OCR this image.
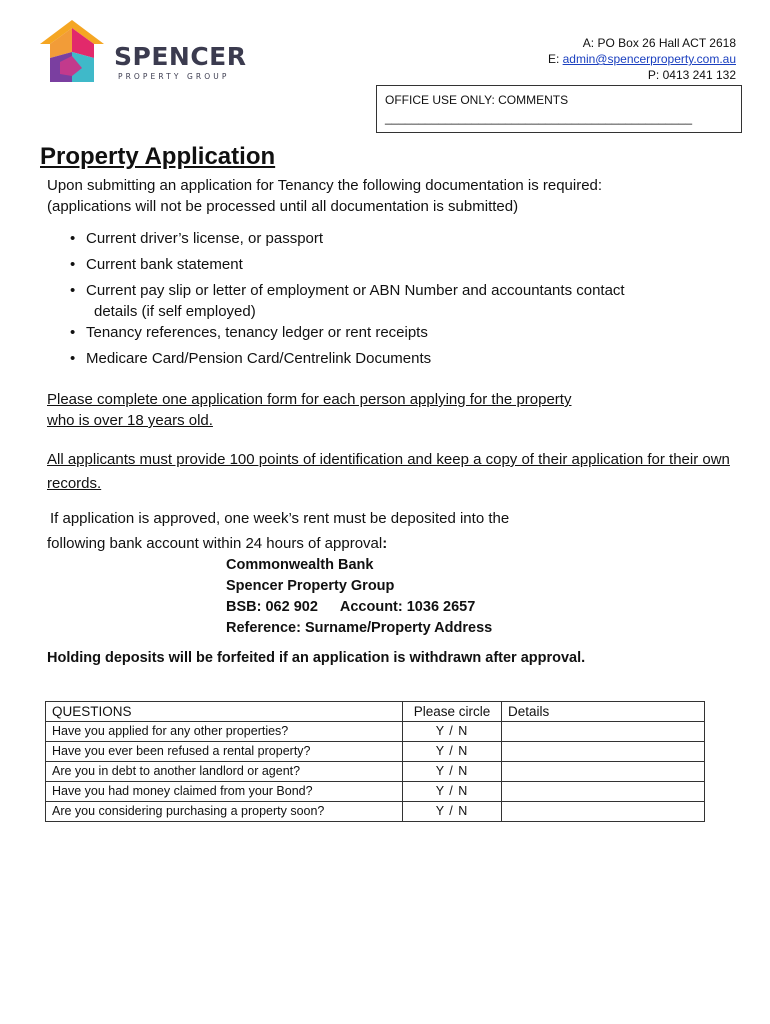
SPENCER
PROPERTY GROUP
A: PO Box 26 Hall ACT 2618
E: admin@spencerproperty.com.au
P: 0413 241 132
OFFICE USE ONLY: COMMENTS
______________________________________________
Property Application
Upon submitting an application for Tenancy the following documentation is required:
(applications will not be processed until all documentation is submitted)
• Current driver’s license, or passport
• Current bank statement
• Current pay slip or letter of employment or ABN Number and accountants contact
details (if self employed)
• Tenancy references, tenancy ledger or rent receipts
• Medicare Card/Pension Card/Centrelink Documents
Please complete one application form for each person applying for the property
who is over 18 years old.
All applicants must provide 100 points of identification and keep a copy of their application for their own records.
If application is approved, one week’s rent must be deposited into the
following bank account within 24 hours of approval:
Commonwealth Bank
Spencer Property Group
BSB: 062 902 Account: 1036 2657
Reference: Surname/Property Address
Holding deposits will be forfeited if an application is withdrawn after approval.
QUESTIONS	Please circle	Details
Have you applied for any other properties?	Y / N	
Have you ever been refused a rental property?	Y / N	
Are you in debt to another landlord or agent?	Y / N	
Have you had money claimed from your Bond?	Y / N	
Are you considering purchasing a property soon?	Y / N	
